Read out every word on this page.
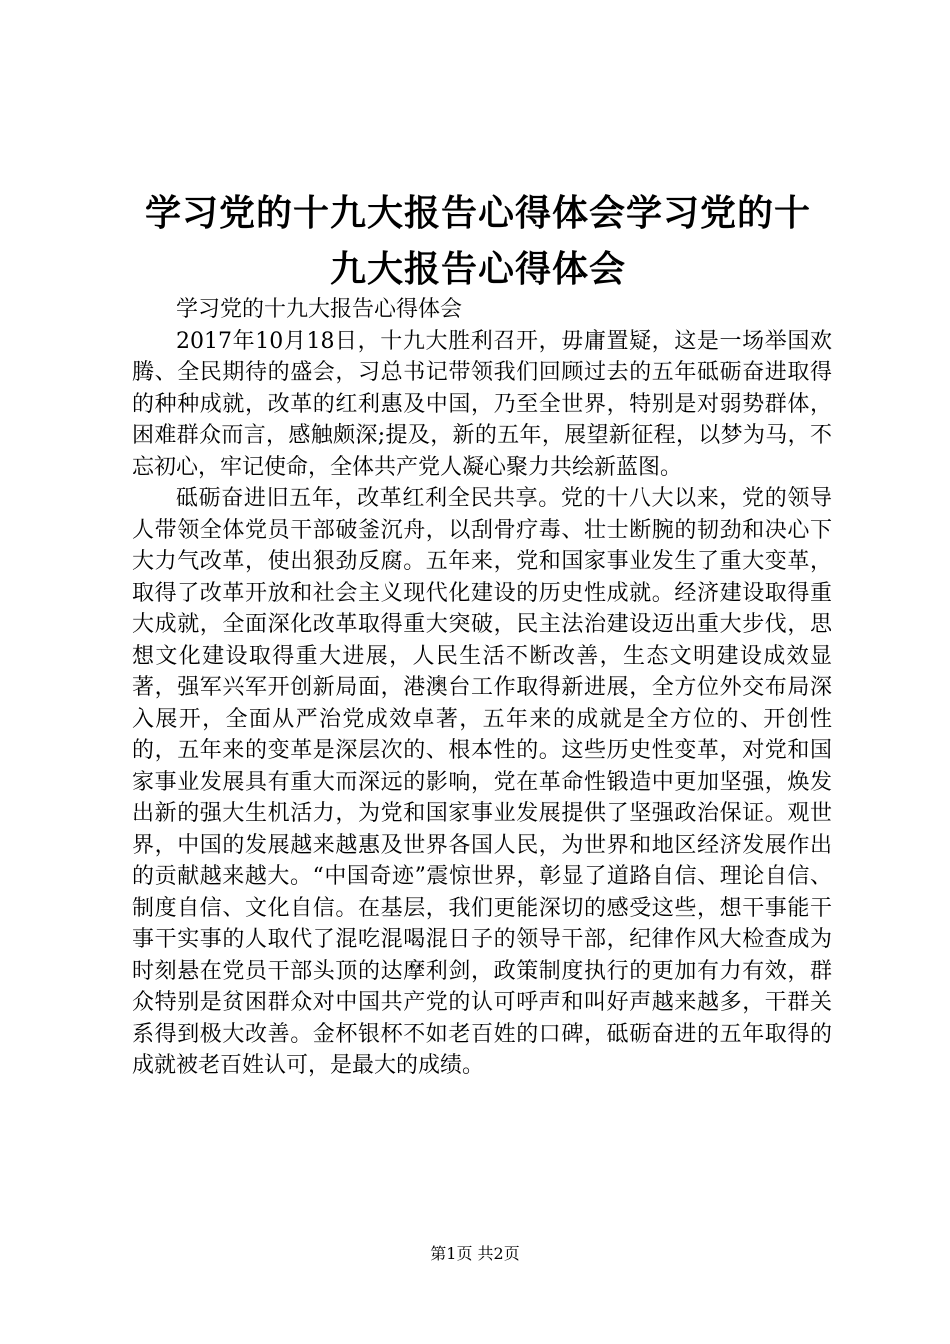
学习党的十九大报告心得体会学习党的十九大报告心得体会

学习党的十九大报告心得体会

2017年10月18日，十九大胜利召开，毋庸置疑，这是一场举国欢腾、全民期待的盛会，习总书记带领我们回顾过去的五年砥砺奋进取得的种种成就，改革的红利惠及中国，乃至全世界，特别是对弱势群体，困难群众而言，感触颇深;提及，新的五年，展望新征程，以梦为马，不忘初心，牢记使命，全体共产党人凝心聚力共绘新蓝图。

砥砺奋进旧五年，改革红利全民共享。党的十八大以来，党的领导人带领全体党员干部破釜沉舟，以刮骨疗毒、壮士断腕的韧劲和决心下大力气改革，使出狠劲反腐。五年来，党和国家事业发生了重大变革，取得了改革开放和社会主义现代化建设的历史性成就。经济建设取得重大成就，全面深化改革取得重大突破，民主法治建设迈出重大步伐，思想文化建设取得重大进展，人民生活不断改善，生态文明建设成效显著，强军兴军开创新局面，港澳台工作取得新进展，全方位外交布局深入展开，全面从严治党成效卓著，五年来的成就是全方位的、开创性的，五年来的变革是深层次的、根本性的。这些历史性变革，对党和国家事业发展具有重大而深远的影响，党在革命性锻造中更加坚强，焕发出新的强大生机活力，为党和国家事业发展提供了坚强政治保证。观世界，中国的发展越来越惠及世界各国人民，为世界和地区经济发展作出的贡献越来越大。“中国奇迹”震惊世界，彰显了道路自信、理论自信、制度自信、文化自信。在基层，我们更能深切的感受这些，想干事能干事干实事的人取代了混吃混喝混日子的领导干部，纪律作风大检查成为时刻悬在党员干部头顶的达摩利剑，政策制度执行的更加有力有效，群众特别是贫困群众对中国共产党的认可呼声和叫好声越来越多，干群关系得到极大改善。金杯银杯不如老百姓的口碑，砥砺奋进的五年取得的成就被老百姓认可，是最大的成绩。

第1页 共2页
